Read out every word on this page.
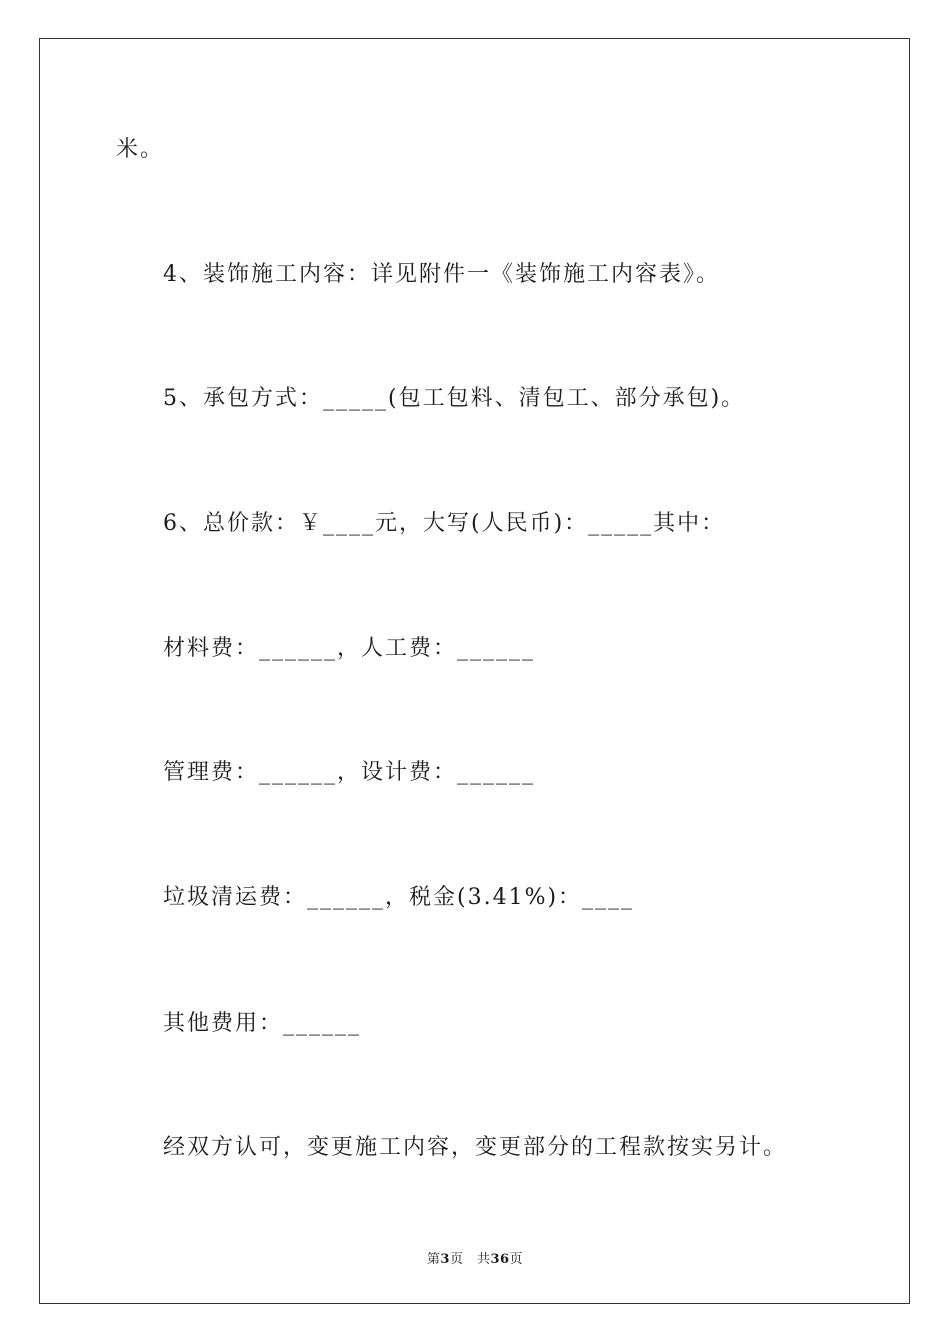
米。
4、装饰施工内容：详见附件一《装饰施工内容表》。
5、承包方式：_____(包工包料、清包工、部分承包)。
6、总价款：￥____元，大写(人民币)：_____其中：
材料费：______，人工费：______
管理费：______，设计费：______
垃圾清运费：______，税金(3.41%)：____
其他费用：______
经双方认可，变更施工内容，变更部分的工程款按实另计。
第3页　共36页
